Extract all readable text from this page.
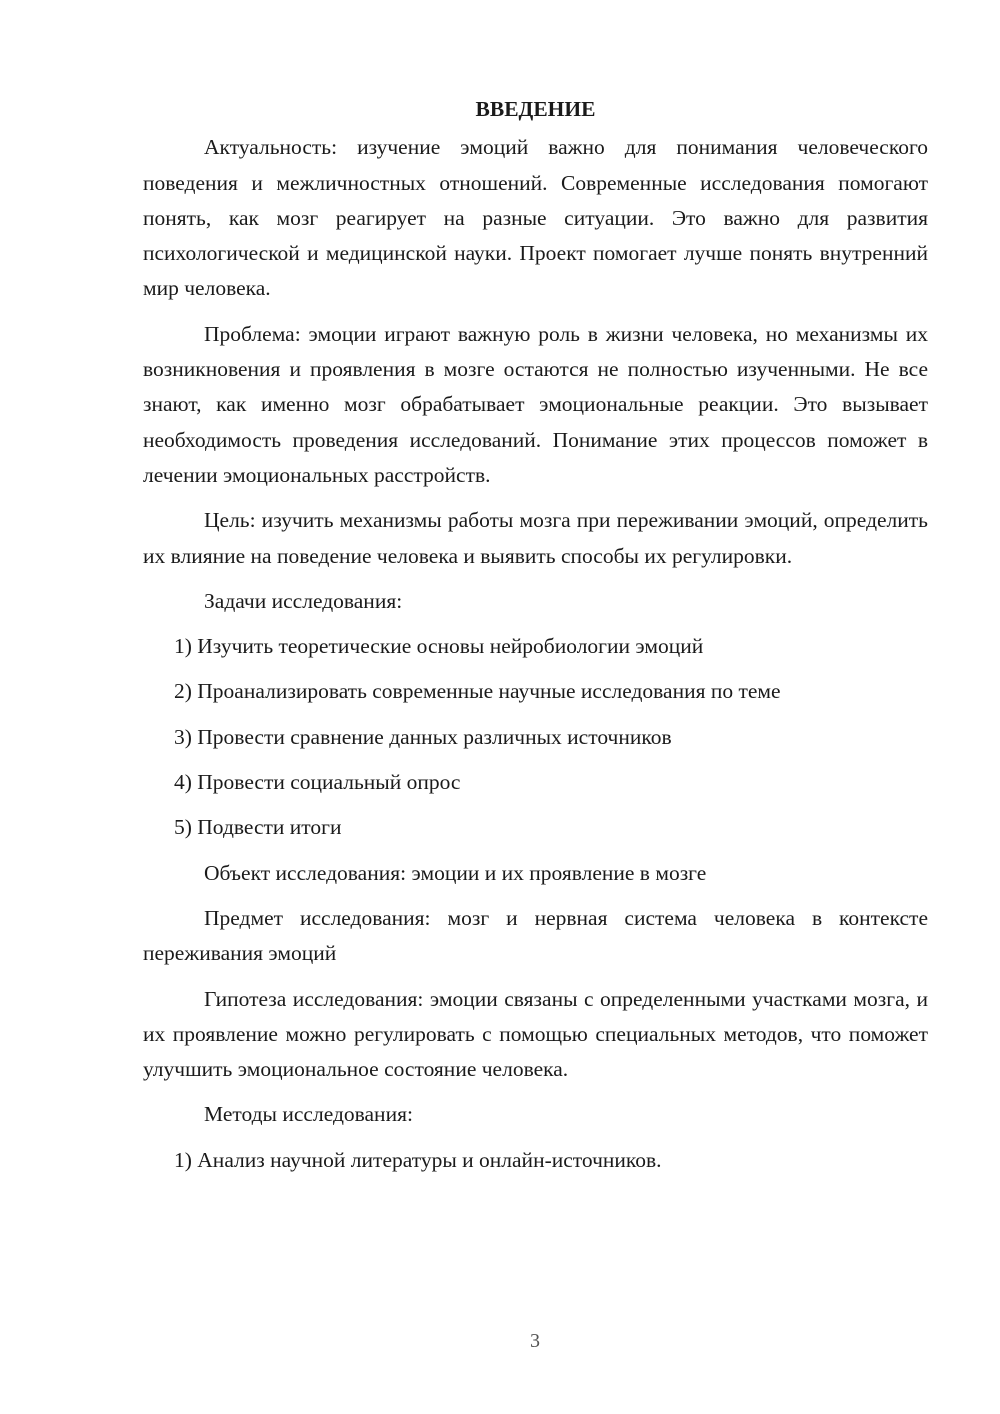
ВВЕДЕНИЕ

Актуальность: изучение эмоций важно для понимания человеческого поведения и межличностных отношений. Современные исследования помогают понять, как мозг реагирует на разные ситуации. Это важно для развития психологической и медицинской науки. Проект помогает лучше понять внутренний мир человека.

Проблема: эмоции играют важную роль в жизни человека, но механизмы их возникновения и проявления в мозге остаются не полностью изученными. Не все знают, как именно мозг обрабатывает эмоциональные реакции. Это вызывает необходимость проведения исследований. Понимание этих процессов поможет в лечении эмоциональных расстройств.

Цель: изучить механизмы работы мозга при переживании эмоций, определить их влияние на поведение человека и выявить способы их регулировки.

Задачи исследования:

1) Изучить теоретические основы нейробиологии эмоций
2) Проанализировать современные научные исследования по теме
3) Провести сравнение данных различных источников
4) Провести социальный опрос
5) Подвести итоги

Объект исследования: эмоции и их проявление в мозге

Предмет исследования: мозг и нервная система человека в контексте переживания эмоций

Гипотеза исследования: эмоции связаны с определенными участками мозга, и их проявление можно регулировать с помощью специальных методов, что поможет улучшить эмоциональное состояние человека.

Методы исследования:

1) Анализ научной литературы и онлайн-источников.
3
